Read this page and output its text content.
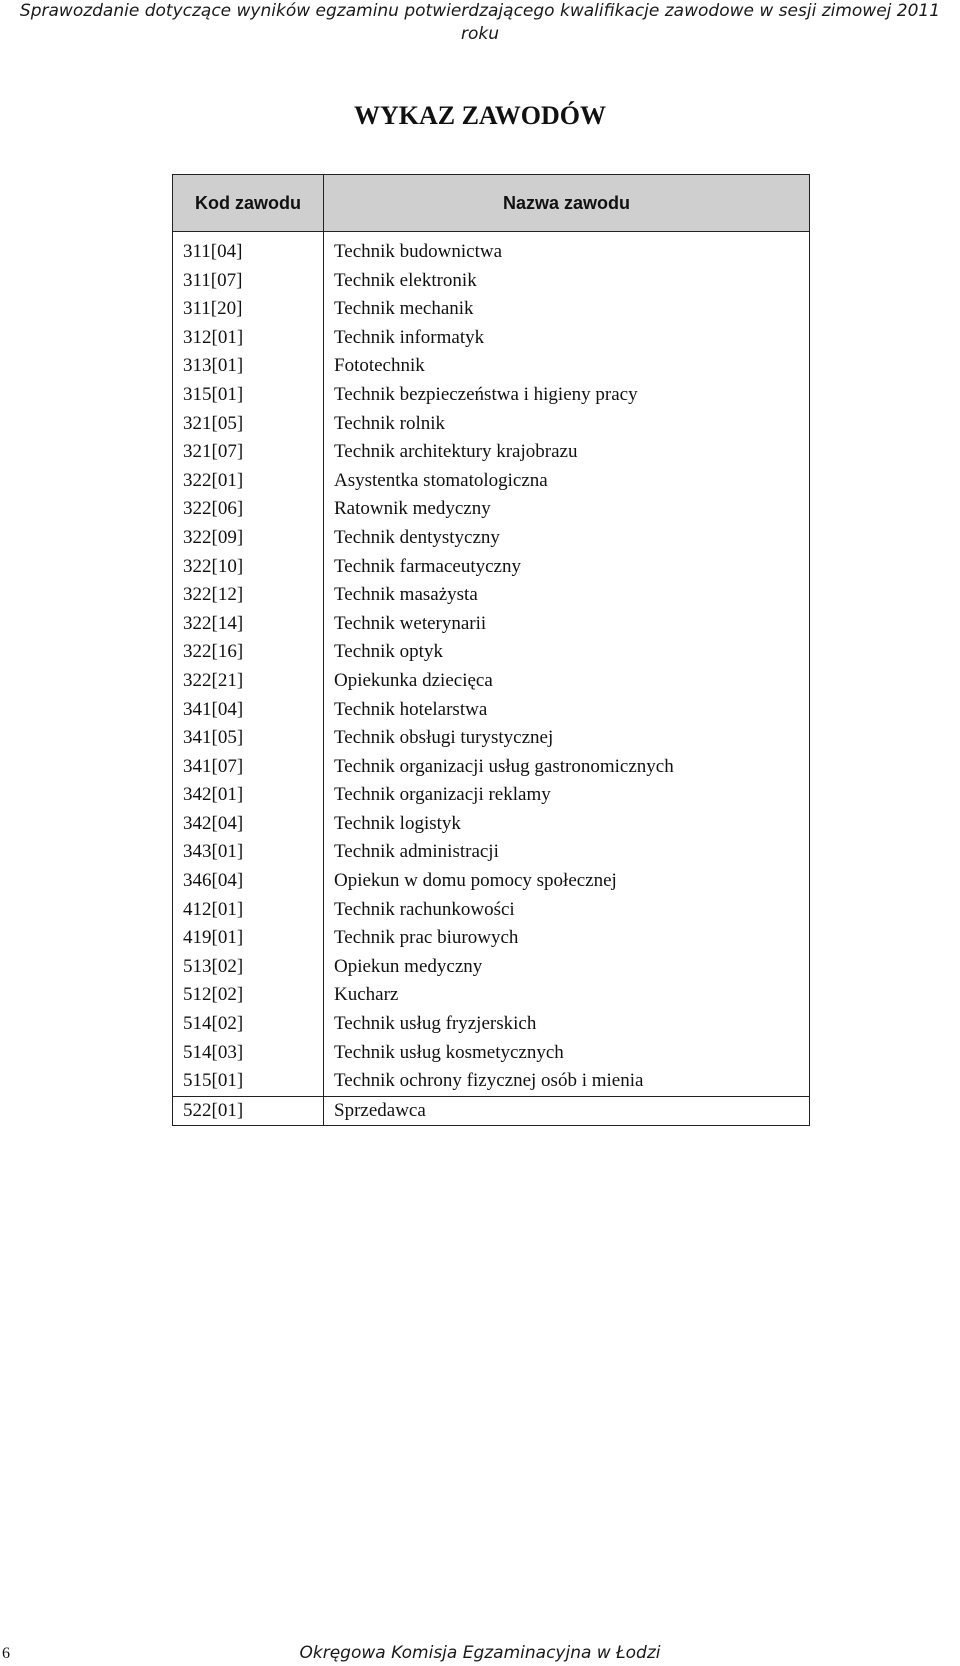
Sprawozdanie dotyczące wyników egzaminu potwierdzającego kwalifikacje zawodowe w sesji zimowej 2011 roku
WYKAZ ZAWODÓW
Kod zawodu	Nazwa zawodu
311[04]	Technik budownictwa
311[07]	Technik elektronik
311[20]	Technik mechanik
312[01]	Technik informatyk
313[01]	Fototechnik
315[01]	Technik bezpieczeństwa i higieny pracy
321[05]	Technik rolnik
321[07]	Technik architektury krajobrazu
322[01]	Asystentka stomatologiczna
322[06]	Ratownik medyczny
322[09]	Technik dentystyczny
322[10]	Technik farmaceutyczny
322[12]	Technik masażysta
322[14]	Technik weterynarii
322[16]	Technik optyk
322[21]	Opiekunka dziecięca
341[04]	Technik hotelarstwa
341[05]	Technik obsługi turystycznej
341[07]	Technik organizacji usług gastronomicznych
342[01]	Technik organizacji reklamy
342[04]	Technik logistyk
343[01]	Technik administracji
346[04]	Opiekun w domu pomocy społecznej
412[01]	Technik rachunkowości
419[01]	Technik prac biurowych
513[02]	Opiekun medyczny
512[02]	Kucharz
514[02]	Technik usług fryzjerskich
514[03]	Technik usług kosmetycznych
515[01]	Technik ochrony fizycznej osób i mienia
522[01]	Sprzedawca
6	Okręgowa Komisja Egzaminacyjna w Łodzi
